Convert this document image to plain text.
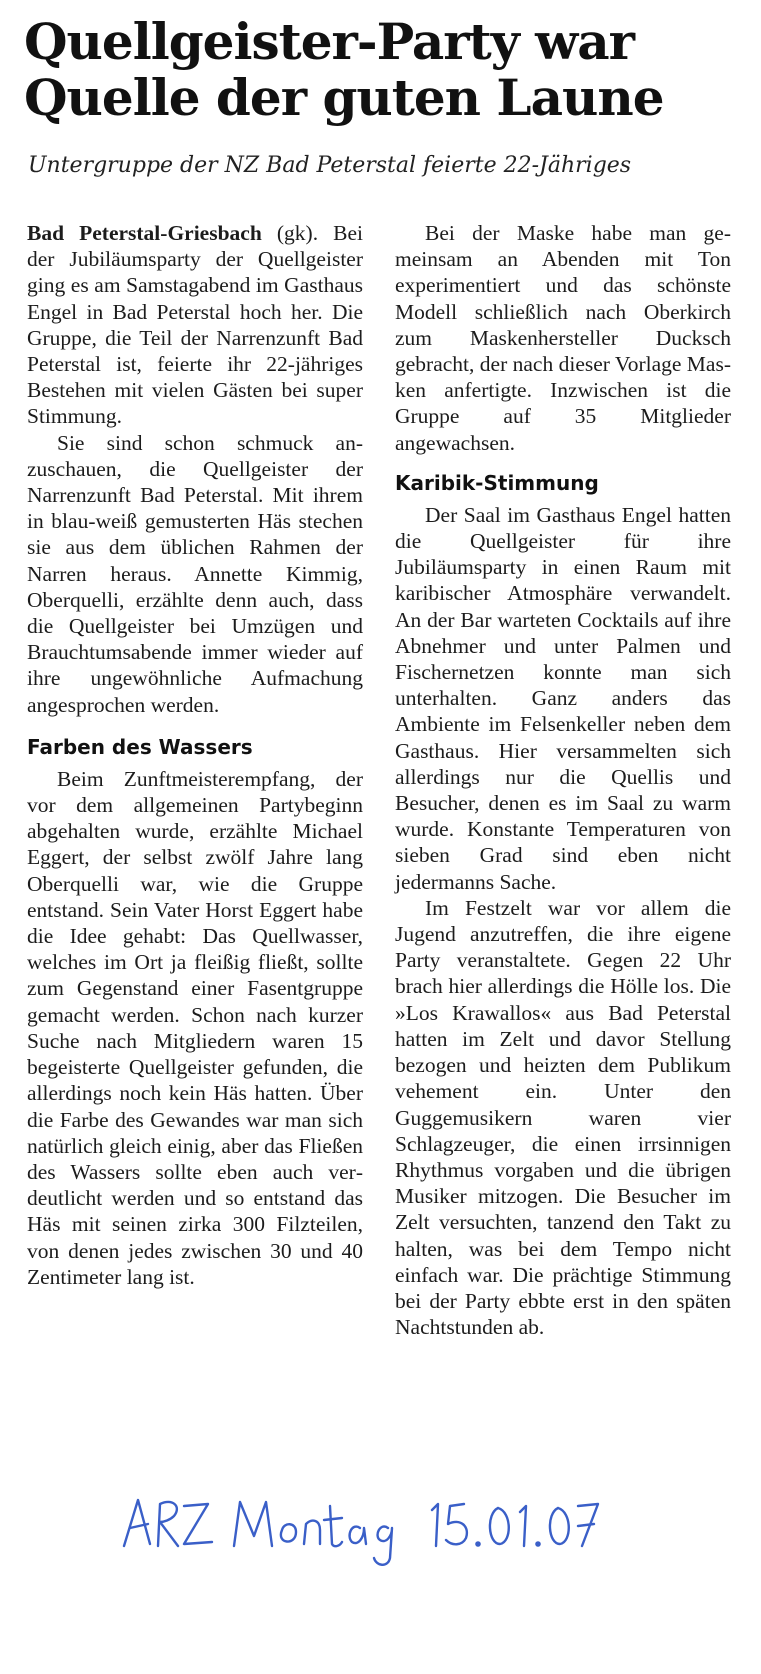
Quellgeister-Party war
Quelle der guten Laune

Untergruppe der NZ Bad Peterstal feierte 22-Jähriges

Bad Peterstal-Griesbach (gk). Bei der Jubiläumsparty der Quellgeister ging es am Samstagabend im Gasthaus Engel in Bad Peterstal hoch her. Die Gruppe, die Teil der Narrenzunft Bad Peterstal ist, feierte ihr 22-jähriges Bestehen mit vielen Gästen bei super Stimmung.

Sie sind schon schmuck anzuschauen, die Quellgeister der Narrenzunft Bad Peterstal. Mit ihrem in blau-weiß gemusterten Häs stechen sie aus dem üblichen Rahmen der Narren heraus. Annette Kimmig, Oberquelli, erzählte denn auch, dass die Quellgeister bei Umzügen und Brauchtumsabende immer wieder auf ihre ungewöhnliche Aufmachung angesprochen werden.

Farben des Wassers

Beim Zunftmeisterempfang, der vor dem allgemeinen Partybeginn abgehalten wurde, erzählte Michael Eggert, der selbst zwölf Jahre lang Oberquelli war, wie die Gruppe entstand. Sein Vater Horst Eggert habe die Idee gehabt: Das Quellwasser, welches im Ort ja fleißig fließt, sollte zum Gegenstand einer Fasentgruppe gemacht werden. Schon nach kurzer Suche nach Mitgliedern waren 15 begeisterte Quellgeister gefunden, die allerdings noch kein Häs hatten. Über die Farbe des Gewandes war man sich natürlich gleich einig, aber das Fließen des Wassers sollte eben auch verdeutlicht werden und so entstand das Häs mit seinen zirka 300 Filzteilen, von denen jedes zwischen 30 und 40 Zentimeter lang ist.

Bei der Maske habe man gemeinsam an Abenden mit Ton experimentiert und das schönste Modell schließlich nach Oberkirch zum Maskenhersteller Ducksch gebracht, der nach dieser Vorlage Masken anfertigte. Inzwischen ist die Gruppe auf 35 Mitglieder angewachsen.

Karibik-Stimmung

Der Saal im Gasthaus Engel hatten die Quellgeister für ihre Jubiläumsparty in einen Raum mit karibischer Atmosphäre verwandelt. An der Bar warteten Cocktails auf ihre Abnehmer und unter Palmen und Fischernetzen konnte man sich unterhalten. Ganz anders das Ambiente im Felsenkeller neben dem Gasthaus. Hier versammelten sich allerdings nur die Quellis und Besucher, denen es im Saal zu warm wurde. Konstante Temperaturen von sieben Grad sind eben nicht jedermanns Sache.

Im Festzelt war vor allem die Jugend anzutreffen, die ihre eigene Party veranstaltete. Gegen 22 Uhr brach hier allerdings die Hölle los. Die »Los Krawallos« aus Bad Peterstal hatten im Zelt und davor Stellung bezogen und heizten dem Publikum vehement ein. Unter den Guggemusikern waren vier Schlagzeuger, die einen irrsinnigen Rhythmus vorgaben und die übrigen Musiker mitzogen. Die Besucher im Zelt versuchten, tanzend den Takt zu halten, was bei dem Tempo nicht einfach war. Die prächtige Stimmung bei der Party ebbte erst in den späten Nachtstunden ab.
